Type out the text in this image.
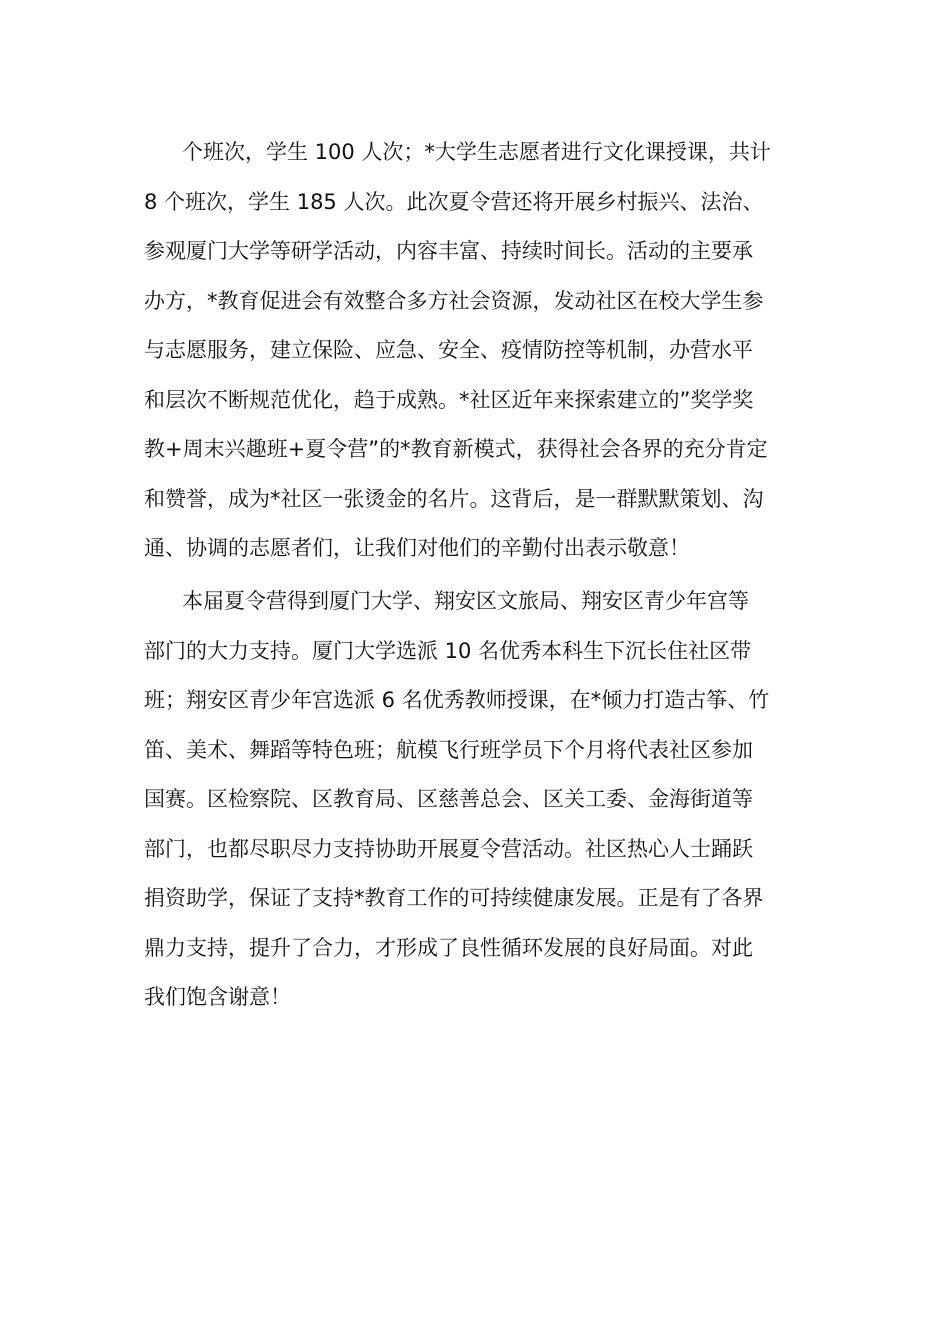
个班次，学生 100 人次；*大学生志愿者进行文化课授课，共计
8 个班次，学生 185 人次。此次夏令营还将开展乡村振兴、法治、
参观厦门大学等研学活动，内容丰富、持续时间长。活动的主要承
办方，*教育促进会有效整合多方社会资源，发动社区在校大学生参
与志愿服务，建立保险、应急、安全、疫情防控等机制，办营水平
和层次不断规范优化，趋于成熟。*社区近年来探索建立的”奖学奖
教+周末兴趣班+夏令营”的*教育新模式，获得社会各界的充分肯定
和赞誉，成为*社区一张烫金的名片。这背后，是一群默默策划、沟
通、协调的志愿者们，让我们对他们的辛勤付出表示敬意！
本届夏令营得到厦门大学、翔安区文旅局、翔安区青少年宫等
部门的大力支持。厦门大学选派 10 名优秀本科生下沉长住社区带
班；翔安区青少年宫选派 6 名优秀教师授课，在*倾力打造古筝、竹
笛、美术、舞蹈等特色班；航模飞行班学员下个月将代表社区参加
国赛。区检察院、区教育局、区慈善总会、区关工委、金海街道等
部门，也都尽职尽力支持协助开展夏令营活动。社区热心人士踊跃
捐资助学，保证了支持*教育工作的可持续健康发展。正是有了各界
鼎力支持，提升了合力，才形成了良性循环发展的良好局面。对此
我们饱含谢意！
